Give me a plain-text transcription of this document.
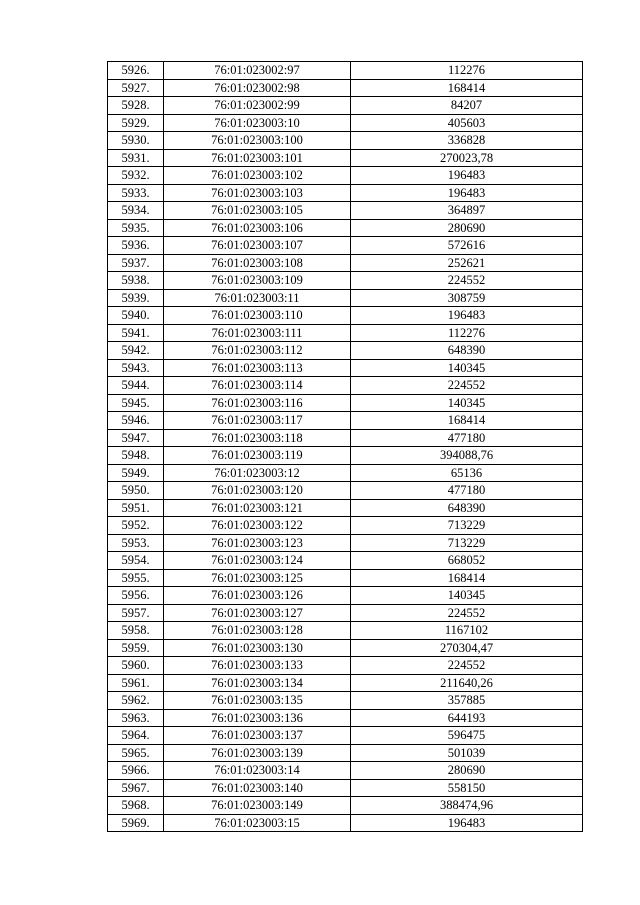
5926.	76:01:023002:97	112276
5927.	76:01:023002:98	168414
5928.	76:01:023002:99	84207
5929.	76:01:023003:10	405603
5930.	76:01:023003:100	336828
5931.	76:01:023003:101	270023,78
5932.	76:01:023003:102	196483
5933.	76:01:023003:103	196483
5934.	76:01:023003:105	364897
5935.	76:01:023003:106	280690
5936.	76:01:023003:107	572616
5937.	76:01:023003:108	252621
5938.	76:01:023003:109	224552
5939.	76:01:023003:11	308759
5940.	76:01:023003:110	196483
5941.	76:01:023003:111	112276
5942.	76:01:023003:112	648390
5943.	76:01:023003:113	140345
5944.	76:01:023003:114	224552
5945.	76:01:023003:116	140345
5946.	76:01:023003:117	168414
5947.	76:01:023003:118	477180
5948.	76:01:023003:119	394088,76
5949.	76:01:023003:12	65136
5950.	76:01:023003:120	477180
5951.	76:01:023003:121	648390
5952.	76:01:023003:122	713229
5953.	76:01:023003:123	713229
5954.	76:01:023003:124	668052
5955.	76:01:023003:125	168414
5956.	76:01:023003:126	140345
5957.	76:01:023003:127	224552
5958.	76:01:023003:128	1167102
5959.	76:01:023003:130	270304,47
5960.	76:01:023003:133	224552
5961.	76:01:023003:134	211640,26
5962.	76:01:023003:135	357885
5963.	76:01:023003:136	644193
5964.	76:01:023003:137	596475
5965.	76:01:023003:139	501039
5966.	76:01:023003:14	280690
5967.	76:01:023003:140	558150
5968.	76:01:023003:149	388474,96
5969.	76:01:023003:15	196483
